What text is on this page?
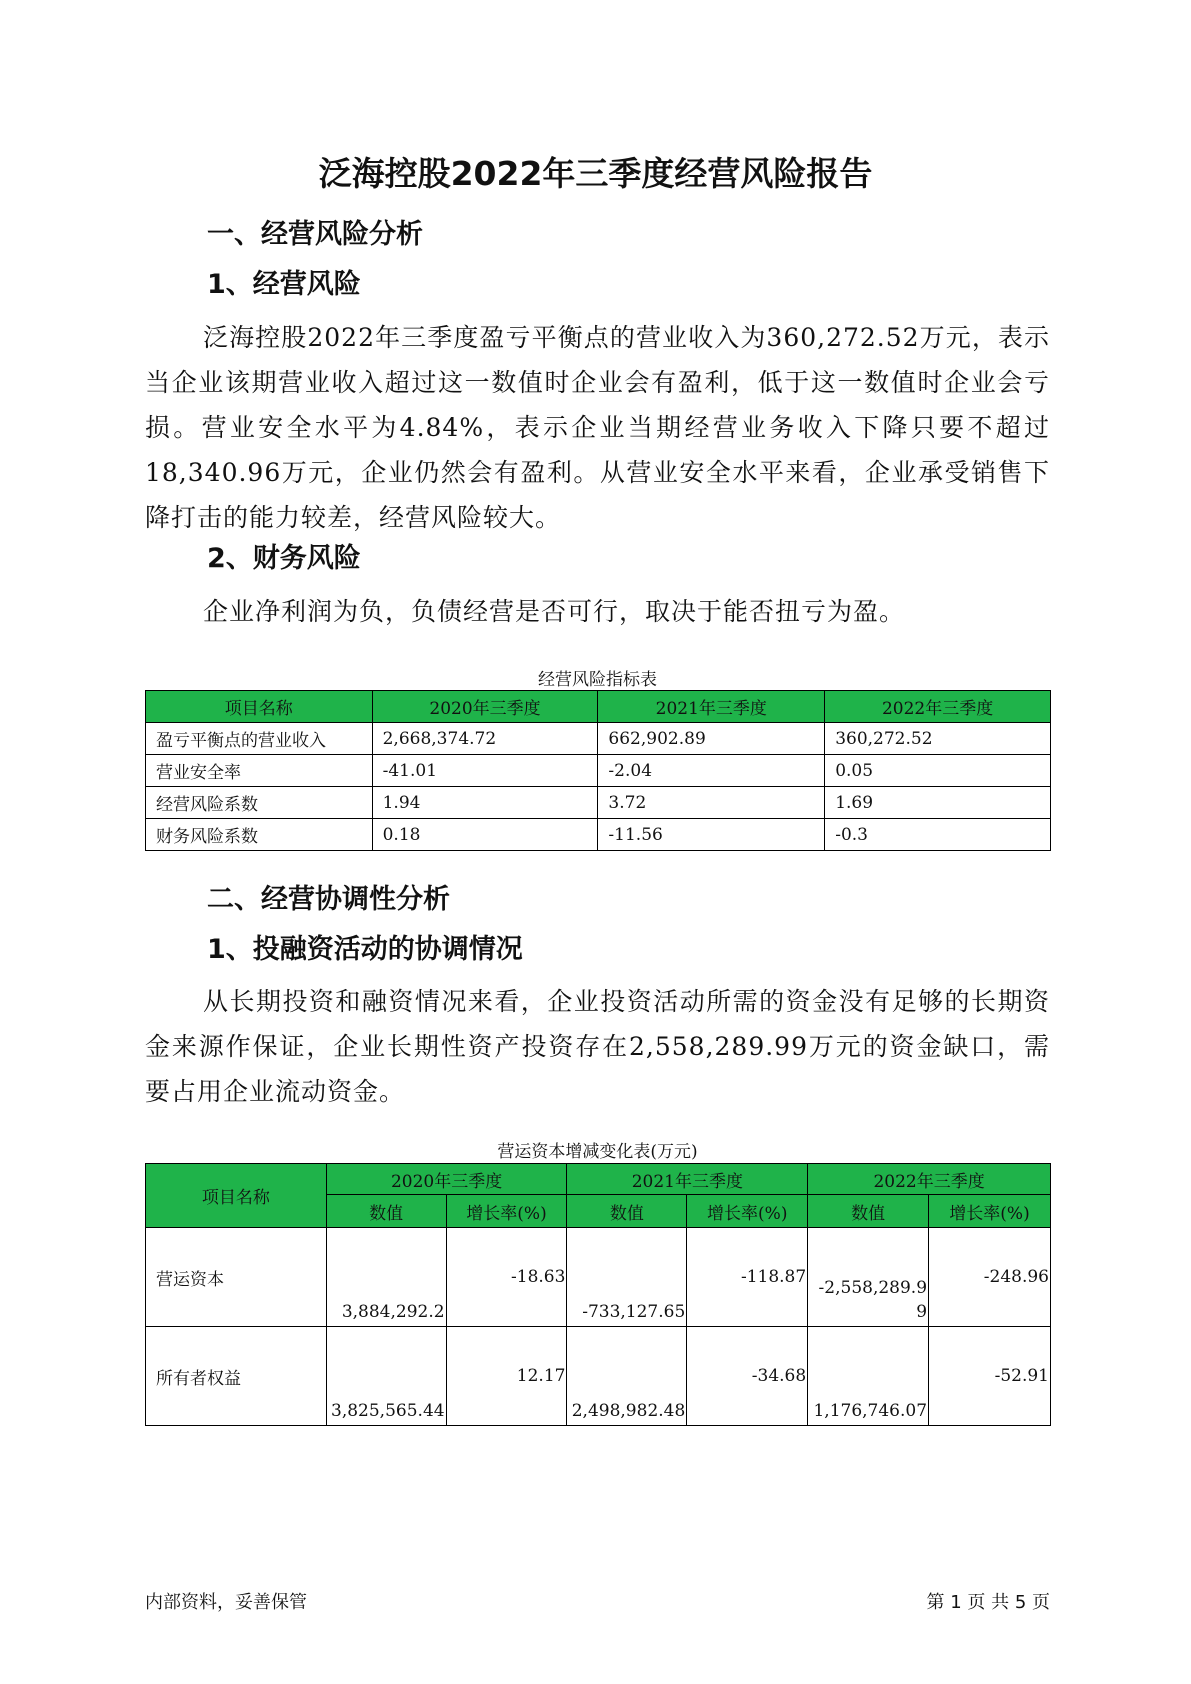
泛海控股2022年三季度经营风险报告
一、经营风险分析
1、经营风险

泛海控股2022年三季度盈亏平衡点的营业收入为360,272.52万元，表示当企业该期营业收入超过这一数值时企业会有盈利，低于这一数值时企业会亏损。营业安全水平为4.84%，表示企业当期经营业务收入下降只要不超过18,340.96万元，企业仍然会有盈利。从营业安全水平来看，企业承受销售下降打击的能力较差，经营风险较大。

2、财务风险

企业净利润为负，负债经营是否可行，取决于能否扭亏为盈。

经营风险指标表

项目名称	2020年三季度	2021年三季度	2022年三季度
盈亏平衡点的营业收入	2,668,374.72	662,902.89	360,272.52
营业安全率	-41.01	-2.04	0.05
经营风险系数	1.94	3.72	1.69
财务风险系数	0.18	-11.56	-0.3
二、经营协调性分析
1、投融资活动的协调情况

从长期投资和融资情况来看，企业投资活动所需的资金没有足够的长期资金来源作保证，企业长期性资产投资存在2,558,289.99万元的资金缺口，需要占用企业流动资金。

营运资本增减变化表(万元)

项目名称	2020年三季度		2021年三季度		2022年三季度	
	数值	增长率(%)	数值	增长率(%)	数值	增长率(%)
营运资本	3,884,292.2	-18.63	-733,127.65	-118.87	-2,558,289.99	-248.96
所有者权益	3,825,565.44	12.17	2,498,982.48	-34.68	1,176,746.07	-52.91
内部资料，妥善保管	第 1 页 共 5 页
